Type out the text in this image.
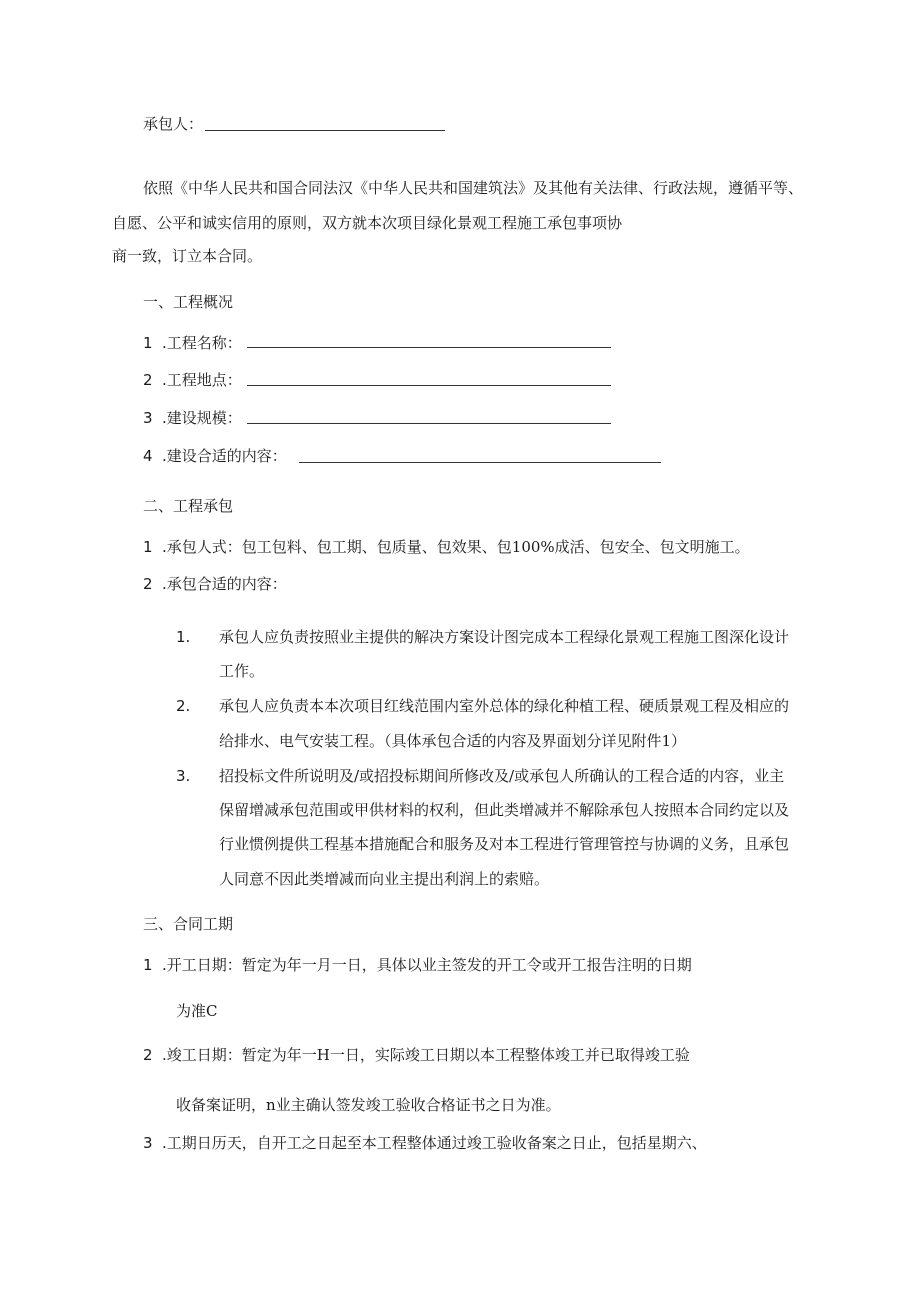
承包人：
依照《中华人民共和国合同法汉《中华人民共和国建筑法》及其他有关法律、行政法规，遵循平等、
自愿、公平和诚实信用的原则，双方就本次项目绿化景观工程施工承包事项协
商一致，订立本合同。
一、工程概况
1 .工程名称：
2 .工程地点：
3 .建设规模：
4 .建设合适的内容：
二、工程承包
1 .承包人式：包工包料、包工期、包质量、包效果、包100%成活、包安全、包文明施工。
2 .承包合适的内容：
1. 承包人应负责按照业主提供的解决方案设计图完成本工程绿化景观工程施工图深化设计
工作。
2. 承包人应负责本本次项目红线范围内室外总体的绿化种植工程、硬质景观工程及相应的
给排水、电气安装工程。（具体承包合适的内容及界面划分详见附件1）
3. 招投标文件所说明及/或招投标期间所修改及/或承包人所确认的工程合适的内容，业主
保留增减承包范围或甲供材料的权利，但此类增减并不解除承包人按照本合同约定以及
行业惯例提供工程基本措施配合和服务及对本工程进行管理管控与协调的义务，且承包
人同意不因此类增减而向业主提出利润上的索赔。
三、合同工期
1 .开工日期：暂定为年一月一日，具体以业主签发的开工令或开工报告注明的日期
为准C
2 .竣工日期：暂定为年一H一日，实际竣工日期以本工程整体竣工并已取得竣工验
收备案证明，n业主确认签发竣工验收合格证书之日为准。
3 .工期日历天，自开工之日起至本工程整体通过竣工验收备案之日止，包括星期六、
